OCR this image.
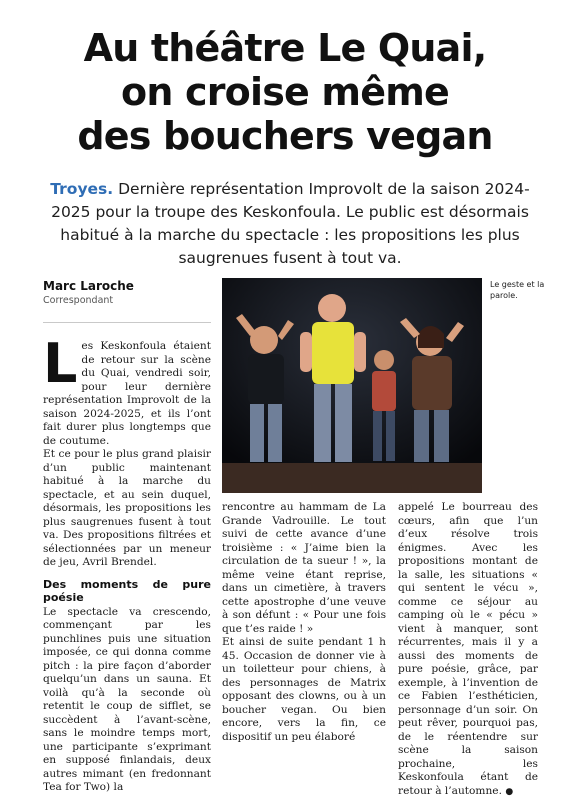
Au théâtre Le Quai,
on croise même
des bouchers vegan
Troyes. Dernière représentation Improvolt de la saison 2024-2025 pour la troupe des Keskonfoula. Le public est désormais habitué à la marche du spectacle : les propositions les plus saugrenues fusent à tout va.
Marc Laroche
Correspondant
Le geste et la parole.

Les Keskonfoula étaient de retour sur la scène du Quai, vendredi soir, pour leur dernière représentation Improvolt de la saison 2024-2025, et ils l’ont fait durer plus longtemps que de coutume.

Et ce pour le plus grand plaisir d’un public maintenant habitué à la marche du spectacle, et au sein duquel, désormais, les propositions les plus saugrenues fusent à tout va. Des propositions filtrées et sélectionnées par un meneur de jeu, Avril Brendel.

Des moments de pure poésie

Le spectacle va crescendo, commençant par les punchlines puis une situation imposée, ce qui donna comme pitch : la pire façon d’aborder quelqu’un dans un sauna. Et voilà qu’à la seconde où retentit le coup de sifflet, se succèdent à l’avant-scène, sans le moindre temps mort, une participante s’exprimant en supposé finlandais, deux autres mimant (en fredonnant Tea for Two) la

rencontre au hammam de La Grande Vadrouille. Le tout suivi de cette avance d’une troisième : « J’aime bien la circulation de ta sueur ! », la même veine étant reprise, dans un cimetière, à travers cette apostrophe d’une veuve à son défunt : « Pour une fois que t’es raide ! »

Et ainsi de suite pendant 1 h 45. Occasion de donner vie à un toiletteur pour chiens, à des personnages de Matrix opposant des clowns, ou à un boucher vegan. Ou bien encore, vers la fin, ce dispositif un peu élaboré

appelé Le bourreau des cœurs, afin que l’un d’eux résolve trois énigmes. Avec les propositions montant de la salle, les situations « qui sentent le vécu », comme ce séjour au camping où le « pécu » vient à manquer, sont récurrentes, mais il y a aussi des moments de pure poésie, grâce, par exemple, à l’invention de ce Fabien l’esthéticien, personnage d’un soir. On peut rêver, pourquoi pas, de le réentendre sur scène la saison prochaine, les Keskonfoula étant de retour à l’automne. ●
